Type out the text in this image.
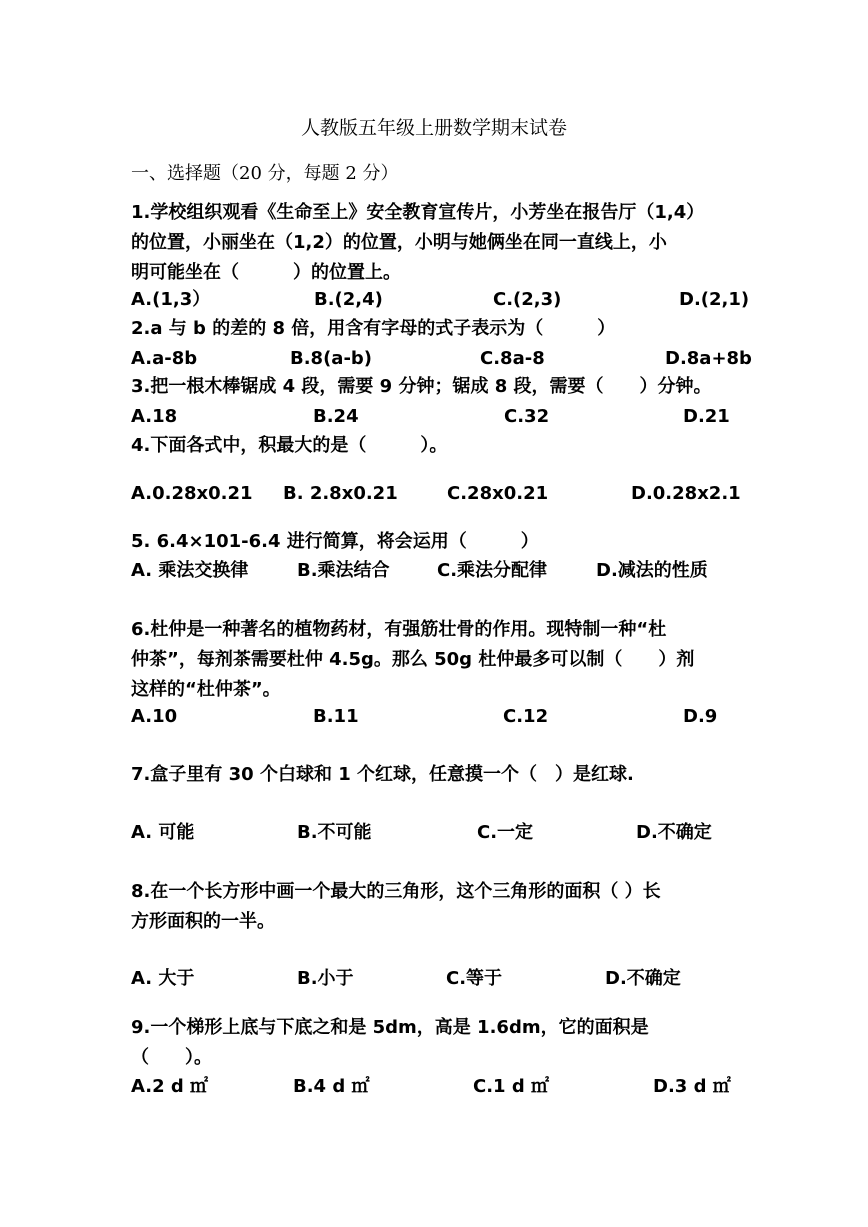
人教版五年级上册数学期末试卷
一、选择题（20 分，每题 2 分）
1.学校组织观看《生命至上》安全教育宣传片，小芳坐在报告厅（1,4）
的位置，小丽坐在（1,2）的位置，小明与她俩坐在同一直线上，小
明可能坐在（　　　）的位置上。
A.(1,3）	B.(2,4)	C.(2,3)	D.(2,1)
2.a 与 b 的差的 8 倍，用含有字母的式子表示为（　　　）
A.a-8b	B.8(a-b)	C.8a-8	D.8a+8b
3.把一根木棒锯成 4 段，需要 9 分钟；锯成 8 段，需要（　　）分钟。
A.18	B.24	C.32	D.21
4.下面各式中，积最大的是（　　　）。
A.0.28x0.21 B. 2.8x0.21	C.28x0.21	D.0.28x2.1
5. 6.4×101-6.4 进行简算，将会运用（　　　）
A. 乘法交换律	B.乘法结合	C.乘法分配律	D.减法的性质
6.杜仲是一种著名的植物药材，有强筋壮骨的作用。现特制一种“杜
仲茶”，每剂茶需要杜仲 4.5g。那么 50g 杜仲最多可以制（　　）剂
这样的“杜仲茶”。
A.10	B.11	C.12	D.9
7.盒子里有 30 个白球和 1 个红球，任意摸一个（　）是红球.
A. 可能	B.不可能	C.一定	D.不确定
8.在一个长方形中画一个最大的三角形，这个三角形的面积（ ）长
方形面积的一半。
A. 大于	B.小于	C.等于	D.不确定
9.一个梯形上底与下底之和是 5dm，高是 1.6dm，它的面积是
（　　）。
A.2 d ㎡	B.4 d ㎡	C.1 d ㎡	D.3 d ㎡
